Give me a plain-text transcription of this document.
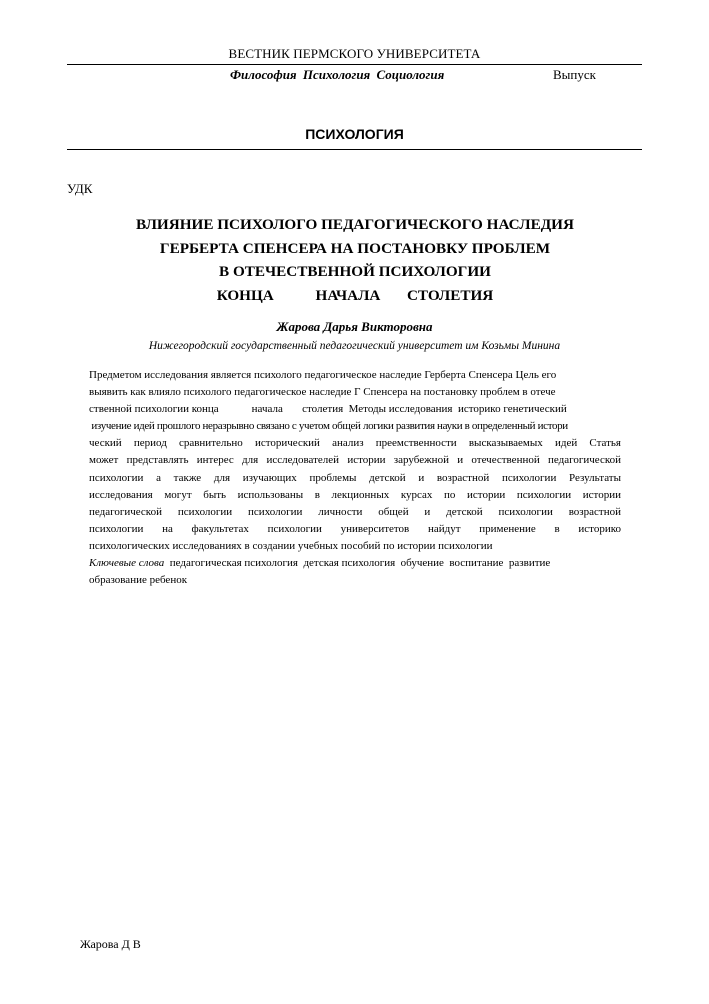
ВЕСТНИК ПЕРМСКОГО УНИВЕРСИТЕТА
Философия Психология Социология	Выпуск
ПСИХОЛОГИЯ
УДК
ВЛИЯНИЕ ПСИХОЛОГО ПЕДАГОГИЧЕСКОГО НАСЛЕДИЯ
ГЕРБЕРТА СПЕНСЕРА НА ПОСТАНОВКУ ПРОБЛЕМ
В ОТЕЧЕСТВЕННОЙ ПСИХОЛОГИИ
КОНЦА           НАЧАЛА       СТОЛЕТИЯ
Жарова Дарья Викторовна
Нижегородский государственный педагогический университет им Козьмы Минина
Предметом исследования является психолого педагогическое наследие Герберта Спенсера Цель его
выявить как влияло психолого педагогическое наследие Г Спенсера на постановку проблем в отече
ственной психологии конца            начала       столетия  Методы исследования  историко генетический
изучение идей прошлого неразрывно связано с учетом общей логики развития науки в определенный истори
ческий период сравнительно исторический анализ преемственности высказываемых идей Статья
может представлять интерес для исследователей истории зарубежной и отечественной педагогической
психологии а также для изучающих проблемы детской и возрастной психологии Результаты
исследования могут быть использованы в лекционных курсах по истории психологии истории
педагогической психологии психологии личности общей и детской психологии возрастной
психологии на факультетах психологии университетов найдут применение в историко
психологических исследованиях в создании учебных пособий по истории психологии
Ключевые слова  педагогическая психология  детская психология  обучение  воспитание  развитие
образование ребенок
Жарова Д В
